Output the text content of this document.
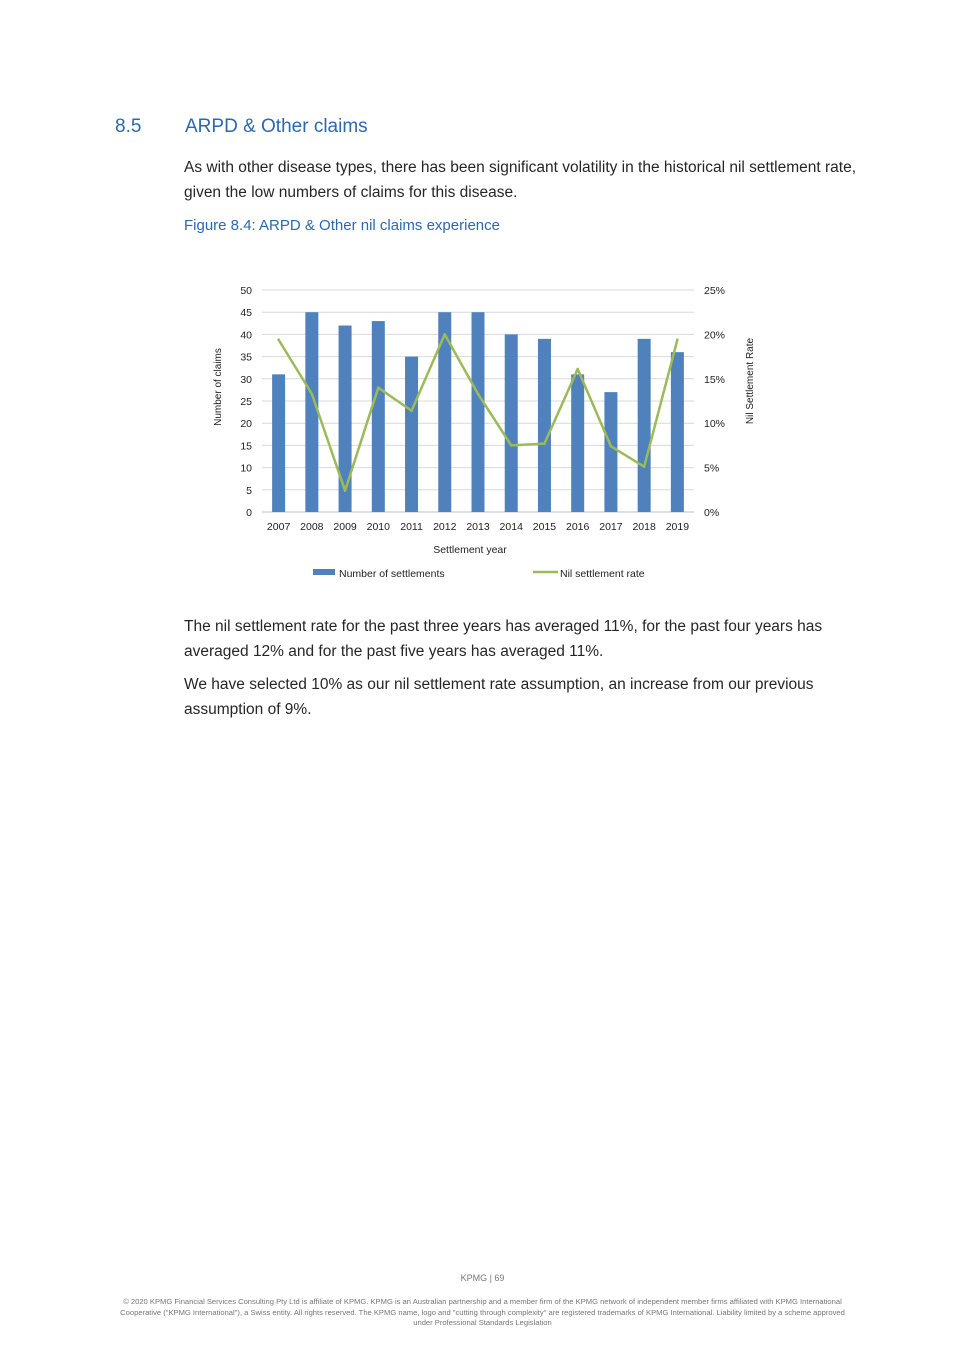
8.5 ARPD & Other claims

As with other disease types, there has been significant volatility in the historical nil settlement rate, given the low numbers of claims for this disease.

Figure 8.4: ARPD & Other nil claims experience
0
5
10
15
20
25
30
35
40
45
50
0%
5%
10%
15%
20%
25%
2007 2008 2009 2010 2011 2012 2013 2014 2015 2016 2017 2018 2019
Number of claims	Nil Settlement Rate
Settlement year
Number of settlements	Nil settlement rate

The nil settlement rate for the past three years has averaged 11%, for the past four years has averaged 12% and for the past five years has averaged 11%.

We have selected 10% as our nil settlement rate assumption, an increase from our previous assumption of 9%.

KPMG | 69
© 2020 KPMG Financial Services Consulting Pty Ltd is affiliate of KPMG. KPMG is an Australian partnership and a member firm of the KPMG network of independent member firms affiliated with KPMG International Cooperative ("KPMG International"), a Swiss entity. All rights reserved. The KPMG name, logo and "cutting through complexity" are registered trademarks of KPMG International. Liability limited by a scheme approved under Professional Standards Legislation
